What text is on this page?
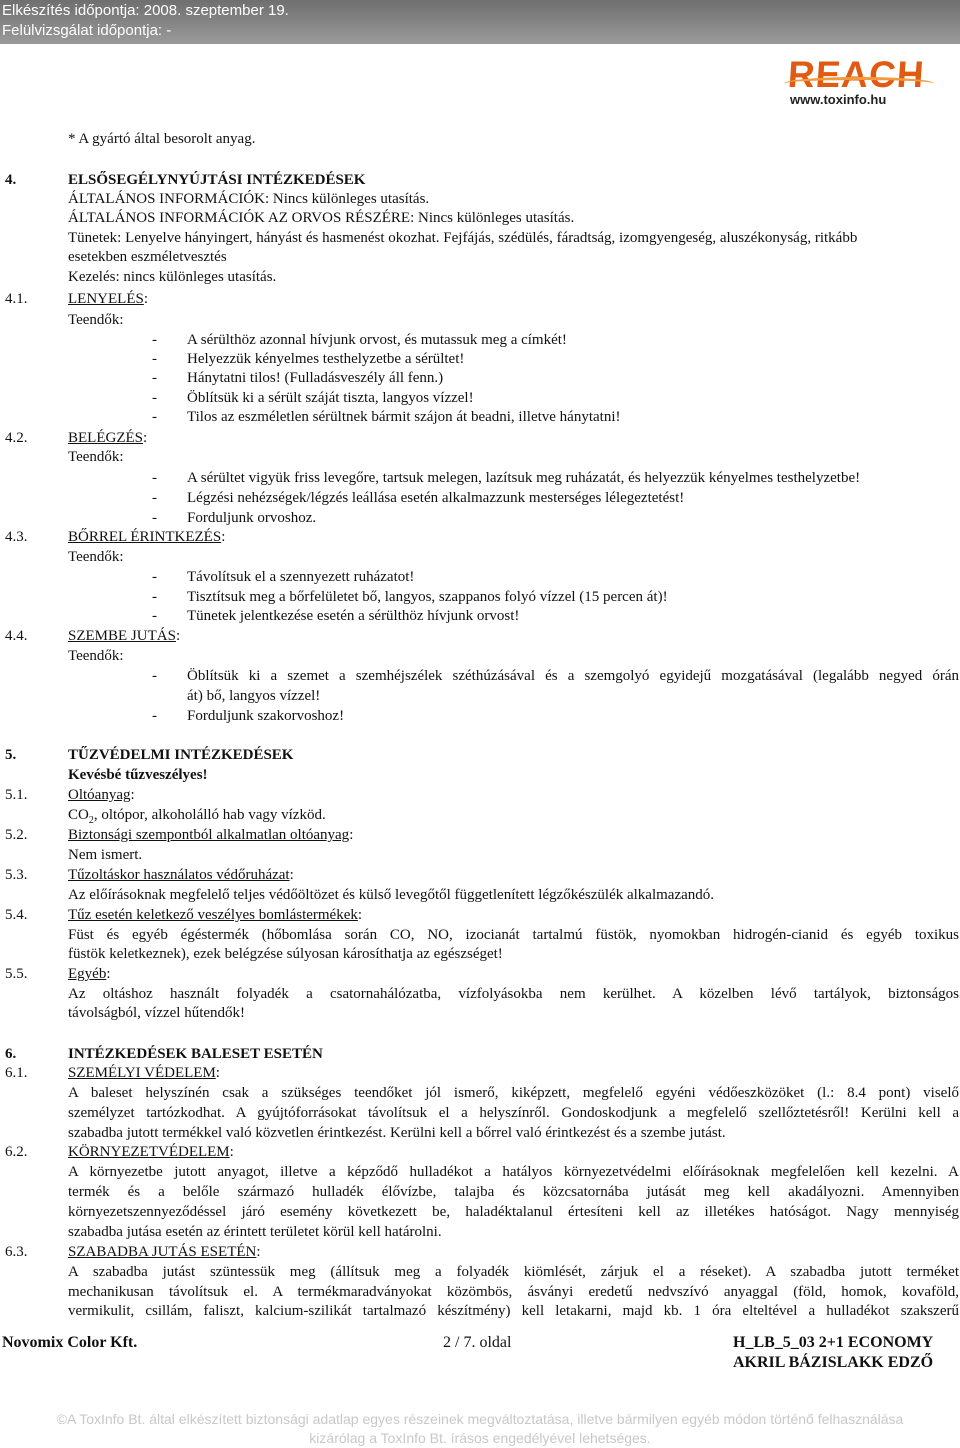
Elkészítés időpontja: 2008. szeptember 19.
Felülvizsgálat időpontja: -
REACH
www.toxinfo.hu
* A gyártó által besorolt anyag.
4.	ELSŐSEGÉLYNYÚJTÁSI INTÉZKEDÉSEK
ÁLTALÁNOS INFORMÁCIÓK: Nincs különleges utasítás.
ÁLTALÁNOS INFORMÁCIÓK AZ ORVOS RÉSZÉRE: Nincs különleges utasítás.
Tünetek: Lenyelve hányingert, hányást és hasmenést okozhat. Fejfájás, szédülés, fáradtság, izomgyengeség, aluszékonyság, ritkább
esetekben eszméletvesztés
Kezelés: nincs különleges utasítás.
4.1.	LENYELÉS:
Teendők:
- A sérülthöz azonnal hívjunk orvost, és mutassuk meg a címkét!
- Helyezzük kényelmes testhelyzetbe a sérültet!
- Hánytatni tilos! (Fulladásveszély áll fenn.)
- Öblítsük ki a sérült száját tiszta, langyos vízzel!
- Tilos az eszméletlen sérültnek bármit szájon át beadni, illetve hánytatni!
4.2.	BELÉGZÉS:
Teendők:
- A sérültet vigyük friss levegőre, tartsuk melegen, lazítsuk meg ruházatát, és helyezzük kényelmes testhelyzetbe!
- Légzési nehézségek/légzés leállása esetén alkalmazzunk mesterséges lélegeztetést!
- Forduljunk orvoshoz.
4.3.	BŐRREL ÉRINTKEZÉS:
Teendők:
- Távolítsuk el a szennyezett ruházatot!
- Tisztítsuk meg a bőrfelületet bő, langyos, szappanos folyó vízzel (15 percen át)!
- Tünetek jelentkezése esetén a sérülthöz hívjunk orvost!
4.4.	SZEMBE JUTÁS:
Teendők:
- Öblítsük ki a szemet a szemhéjszélek széthúzásával és a szemgolyó egyidejű mozgatásával (legalább negyed órán
át) bő, langyos vízzel!
- Forduljunk szakorvoshoz!
5.	TŰZVÉDELMI INTÉZKEDÉSEK
Kevésbé tűzveszélyes!
5.1.	Oltóanyag:
$CO_2$, oltópor, alkoholálló hab vagy vízköd.
5.2.	Biztonsági szempontból alkalmatlan oltóanyag:
Nem ismert.
5.3.	Tűzoltáskor használatos védőruházat:
Az előírásoknak megfelelő teljes védőöltözet és külső levegőtől függetlenített légzőkészülék alkalmazandó.
5.4.	Tűz esetén keletkező veszélyes bomlástermékek:
Füst és egyéb égéstermék (hőbomlása során CO, NO, izocianát tartalmú füstök, nyomokban hidrogén-cianid és egyéb toxikus
füstök keletkeznek), ezek belégzése súlyosan károsíthatja az egészséget!
5.5.	Egyéb:
Az oltáshoz használt folyadék a csatornahálózatba, vízfolyásokba nem kerülhet. A közelben lévő tartályok, biztonságos
távolságból, vízzel hűtendők!
6.	INTÉZKEDÉSEK BALESET ESETÉN
6.1.	SZEMÉLYI VÉDELEM:
A baleset helyszínén csak a szükséges teendőket jól ismerő, kiképzett, megfelelő egyéni védőeszközöket (l.: 8.4 pont) viselő
személyzet tartózkodhat. A gyújtóforrásokat távolítsuk el a helyszínről. Gondoskodjunk a megfelelő szellőztetésről! Kerülni kell a
szabadba jutott termékkel való közvetlen érintkezést. Kerülni kell a bőrrel való érintkezést és a szembe jutást.
6.2.	KÖRNYEZETVÉDELEM:
A környezetbe jutott anyagot, illetve a képződő hulladékot a hatályos környezetvédelmi előírásoknak megfelelően kell kezelni. A
termék és a belőle származó hulladék élővízbe, talajba és közcsatornába jutását meg kell akadályozni. Amennyiben
környezetszennyeződéssel járó esemény következett be, haladéktalanul értesíteni kell az illetékes hatóságot. Nagy mennyiség
szabadba jutása esetén az érintett területet körül kell határolni.
6.3.	SZABADBA JUTÁS ESETÉN:
A szabadba jutást szüntessük meg (állítsuk meg a folyadék kiömlését, zárjuk el a réseket). A szabadba jutott terméket
mechanikusan távolítsuk el. A termékmaradványokat közömbös, ásványi eredetű nedvszívó anyaggal (föld, homok, kovaföld,
vermikulit, csillám, faliszt, kalcium-szilikát tartalmazó készítmény) kell letakarni, majd kb. 1 óra elteltével a hulladékot szakszerű
Novomix Color Kft.	2 / 7. oldal	H_LB_5_03 2+1 ECONOMY
AKRIL BÁZISLAKK EDZŐ
©A ToxInfo Bt. által elkészített biztonsági adatlap egyes részeinek megváltoztatása, illetve bármilyen egyéb módon történő felhasználása
kizárólag a ToxInfo Bt. írásos engedélyével lehetséges.
